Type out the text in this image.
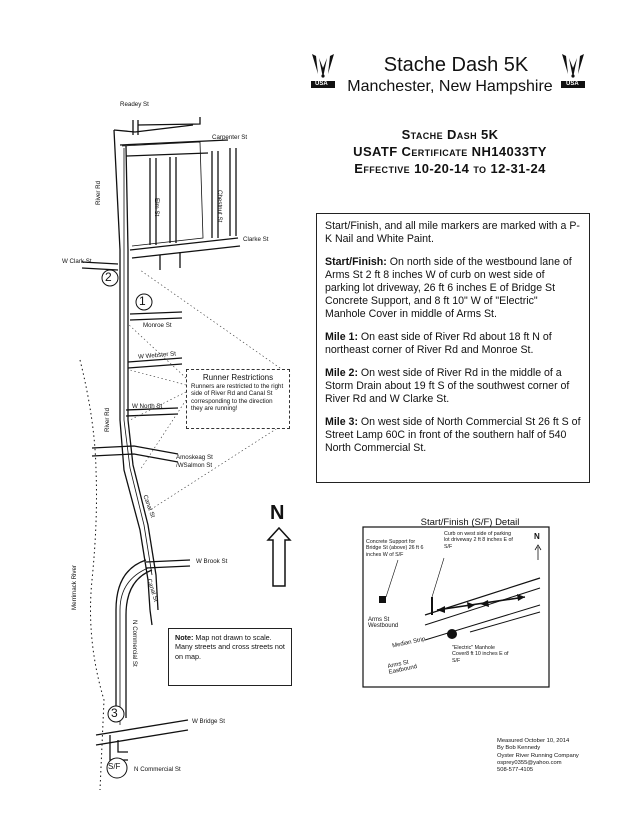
USA	USA
Stache Dash 5K
Manchester, New Hampshire
Stache Dash 5K
USATF Certificate NH14033TY
Effective 10-20-14 to 12-31-24

Start/Finish, and all mile markers are marked with a P-K Nail and White Paint.

Start/Finish: On north side of the westbound lane of Arms St 2 ft 8 inches W of curb on west side of parking lot driveway, 26 ft 6 inches E of Bridge St Concrete Support, and 8 ft 10" W of "Electric" Manhole Cover in middle of Arms St.

Mile 1: On east side of River Rd about 18 ft N of northeast corner of River Rd and Monroe St.

Mile 2: On west side of River Rd in the middle of a Storm Drain about 19 ft S of the southwest corner of River Rd and W Clarke St.

Mile 3: On west side of North Commercial St 26 ft S of Street Lamp 60C in front of the southern half of 540 North Commercial St.

Readey St
Carpenter St
River Rd
Elm St	Chestnut St
Clarke St
W Clark St
Monroe St
W Webster St
River Rd
W North St
Amoskeag St
/WSalmon St
Canal St
Merrimack River
W Brook St
Canal St
N Commercial St
W Bridge St
N Commercial St
1
2
3
S/F
N
Runner Restrictions
Runners are restricted to the right side of River Rd and Canal St corresponding to the direction they are running!
Note: Map not drawn to scale. Many streets and cross streets not on map.
Start/Finish (S/F) Detail
Concrete Support for Bridge St (above) 26 ft 6 inches W of S/F
Curb on west side of parking lot driveway 2 ft 8 inches E of S/F
N
Arms St Westbound
Median Strip
Arms St Eastbound
"Electric" Manhole Cover8 ft 10 inches E of S/F
Measured October 10, 2014
By Bob Kennedy
Oyster River Running Company
osprey0355@yahoo.com
508-577-4105
